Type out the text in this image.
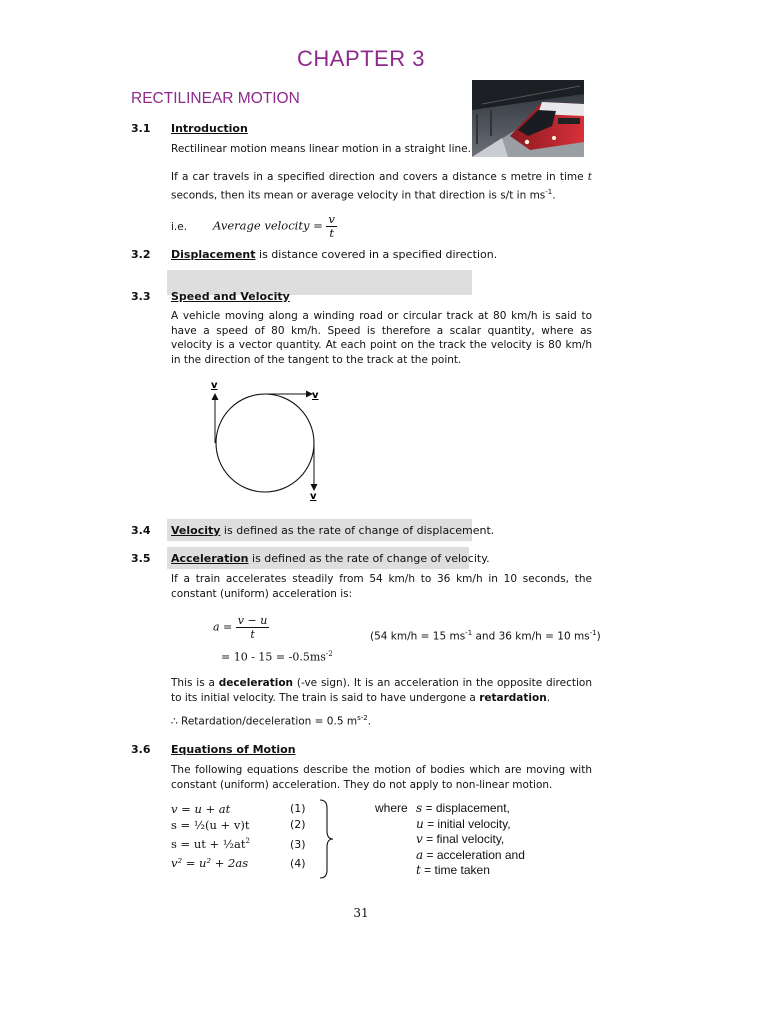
CHAPTER 3
RECTILINEAR MOTION
3.1 Introduction
Rectilinear motion means linear motion in a straight line.
If a car travels in a specified direction and covers a distance s metre in time t seconds, then its mean or average velocity in that direction is s/t in $ms^{-1}$.
i.e. Average velocity = $\frac{v}{t}$
3.2 Displacement is distance covered in a specified direction.
3.3 Speed and Velocity
A vehicle moving along a winding road or circular track at 80 km/h is said to have a speed of 80 km/h. Speed is therefore a scalar quantity, where as velocity is a vector quantity. At each point on the track the velocity is 80 km/h in the direction of the tangent to the track at the point.
v
v
v
3.4 Velocity is defined as the rate of change of displacement.
3.5 Acceleration is defined as the rate of change of velocity.
If a train accelerates steadily from 54 km/h to 36 km/h in 10 seconds, the constant (uniform) acceleration is:
$a = \frac{v - u}{t}$
= $10 - 15 = -0.5ms^{-2}$
(54 km/h = 15 $ms^{-1}$ and 36 km/h = 10 $ms^{-1}$)
This is a deceleration (-ve sign). It is an acceleration in the opposite direction to its initial velocity. The train is said to have undergone a retardation.
∴ Retardation/deceleration = 0.5 $m^{s-2}$.
3.6 Equations of Motion
The following equations describe the motion of bodies which are moving with constant (uniform) acceleration. They do not apply to non-linear motion.
v = u + at	(1)
s = ½(u + v)t	(2)
s = ut + $\frac{1}{2}at^2$	(3)
v² = u² + 2as	(4)
where s = displacement,
u = initial velocity,
v = final velocity,
a = acceleration and
t = time taken
31
